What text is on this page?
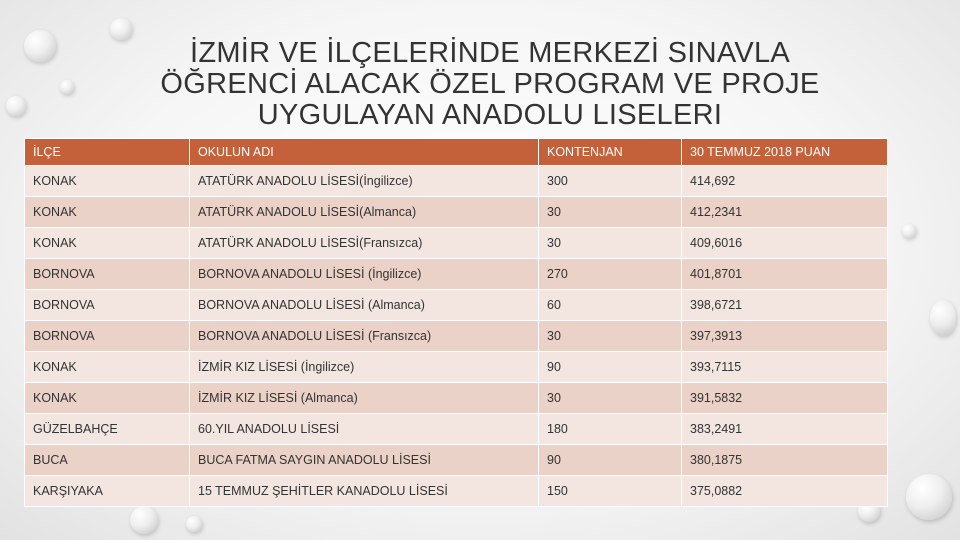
İZMİR VE İLÇELERİNDE MERKEZİ SINAVLA
ÖĞRENCİ ALACAK ÖZEL PROGRAM VE PROJE
UYGULAYAN ANADOLU LISELERI
İLÇE	OKULUN ADI	KONTENJAN	30 TEMMUZ 2018 PUAN
KONAK	ATATÜRK ANADOLU LİSESİ(İngilizce)	300	414,692
KONAK	ATATÜRK ANADOLU LİSESİ(Almanca)	30	412,2341
KONAK	ATATÜRK ANADOLU LİSESİ(Fransızca)	30	409,6016
BORNOVA	BORNOVA ANADOLU LİSESİ (İngilizce)	270	401,8701
BORNOVA	BORNOVA ANADOLU LİSESİ (Almanca)	60	398,6721
BORNOVA	BORNOVA ANADOLU LİSESİ (Fransızca)	30	397,3913
KONAK	İZMİR KIZ LİSESİ (İngilizce)	90	393,7115
KONAK	İZMİR KIZ LİSESİ (Almanca)	30	391,5832
GÜZELBAHÇE	60.YIL ANADOLU LİSESİ	180	383,2491
BUCA	BUCA FATMA SAYGIN ANADOLU LİSESİ	90	380,1875
KARŞIYAKA	15 TEMMUZ ŞEHİTLER KANADOLU LİSESİ	150	375,0882
